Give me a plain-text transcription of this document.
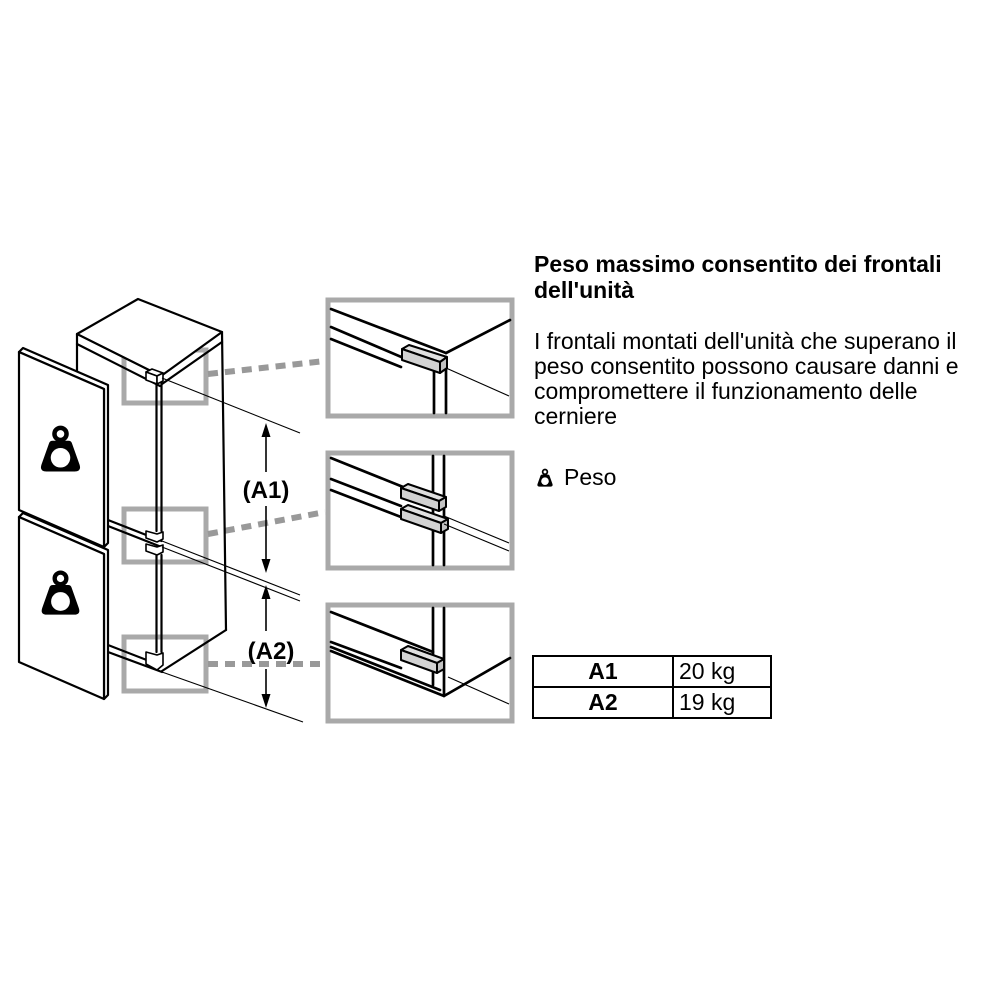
(A1)
(A2)
Peso massimo consentito dei frontali dell'unità
I frontali montati dell'unità che superano il peso consentito possono causare danni e compromettere il funzionamento delle cerniere
Peso
A1	20 kg
A2	19 kg
